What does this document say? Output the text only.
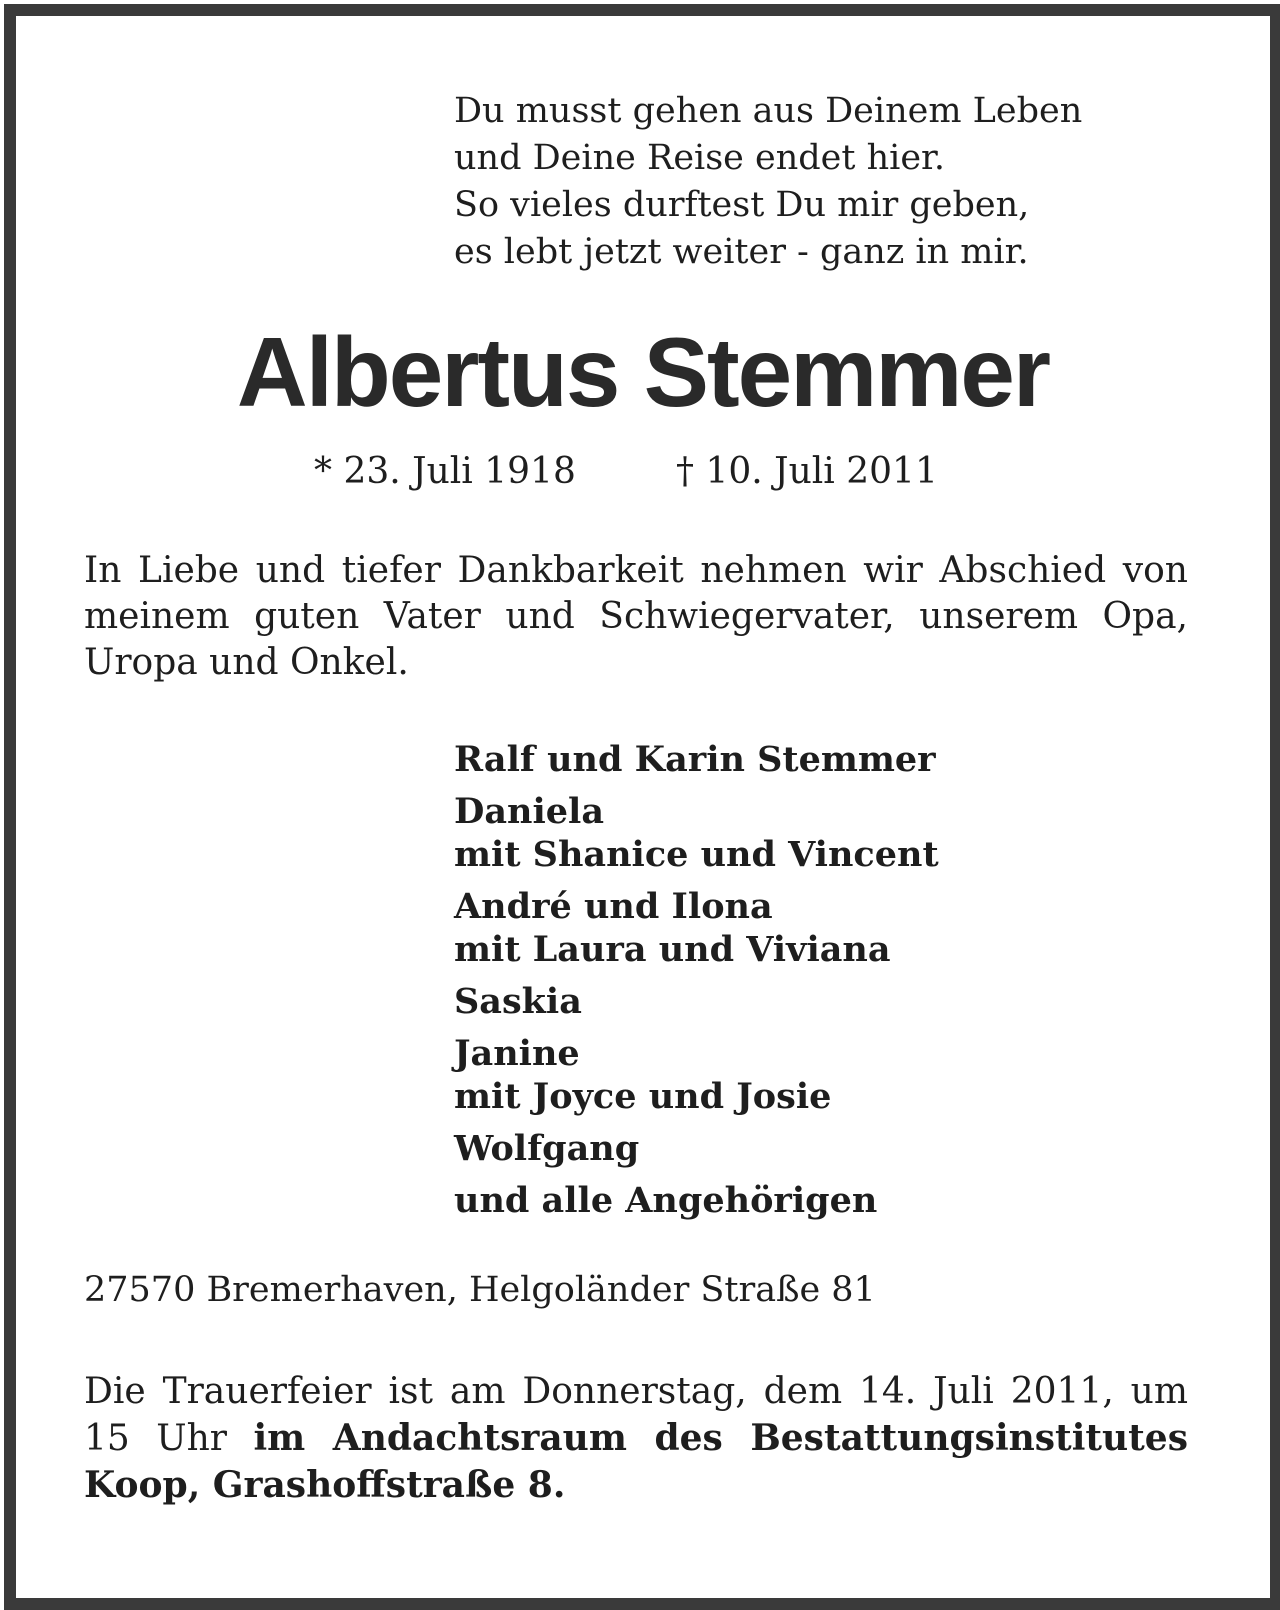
Du musst gehen aus Deinem Leben
und Deine Reise endet hier.
So vieles durftest Du mir geben,
es lebt jetzt weiter - ganz in mir.
Albertus Stemmer
* 23. Juli 1918	† 10. Juli 2011
In Liebe und tiefer Dankbarkeit nehmen wir Abschied von meinem guten Vater und Schwiegervater, unserem Opa, Uropa und Onkel.
Ralf und Karin Stemmer
Daniela
mit Shanice und Vincent
André und Ilona
mit Laura und Viviana
Saskia
Janine
mit Joyce und Josie
Wolfgang
und alle Angehörigen
27570 Bremerhaven, Helgoländer Straße 81
Die Trauerfeier ist am Donnerstag, dem 14. Juli 2011, um 15 Uhr im Andachtsraum des Bestattungsinstitutes Koop, Grashoffstraße 8.
